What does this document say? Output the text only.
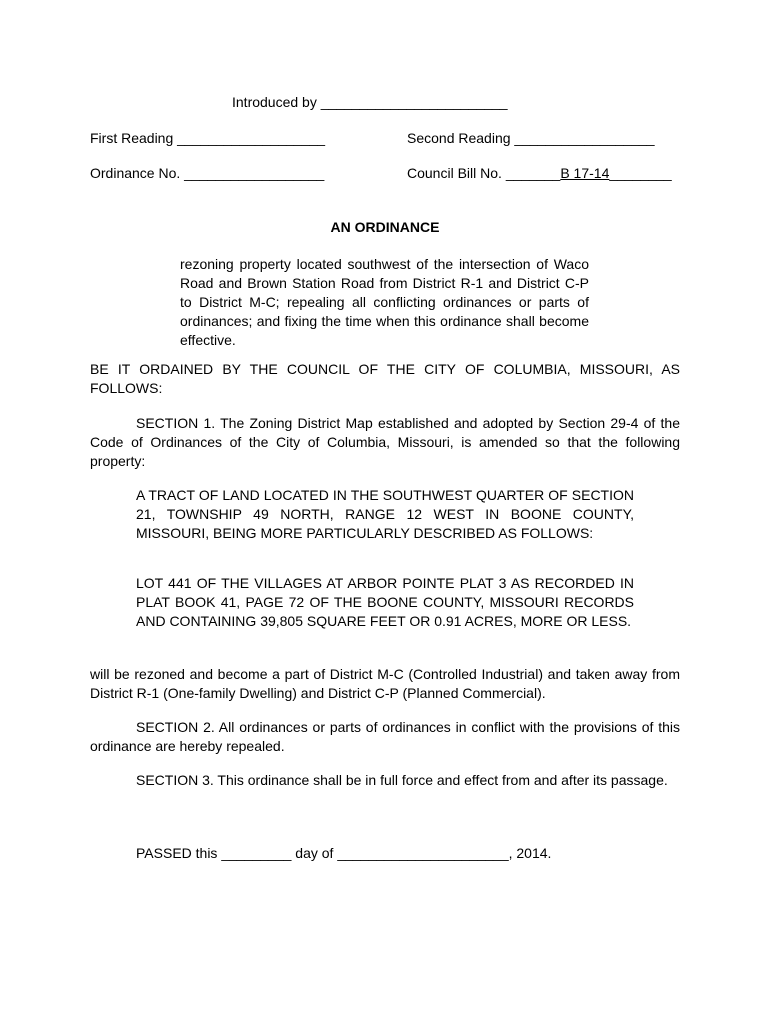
Introduced by ________________________
First Reading ___________________	Second Reading __________________
Ordinance No. __________________	Council Bill No. _______B 17-14________
AN ORDINANCE
rezoning property located southwest of the intersection of Waco Road and Brown Station Road from District R-1 and District C-P to District M-C; repealing all conflicting ordinances or parts of ordinances; and fixing the time when this ordinance shall become effective.
BE IT ORDAINED BY THE COUNCIL OF THE CITY OF COLUMBIA, MISSOURI, AS FOLLOWS:
SECTION 1. The Zoning District Map established and adopted by Section 29-4 of the Code of Ordinances of the City of Columbia, Missouri, is amended so that the following property:
A TRACT OF LAND LOCATED IN THE SOUTHWEST QUARTER OF SECTION 21, TOWNSHIP 49 NORTH, RANGE 12 WEST IN BOONE COUNTY, MISSOURI, BEING MORE PARTICULARLY DESCRIBED AS FOLLOWS:
LOT 441 OF THE VILLAGES AT ARBOR POINTE PLAT 3 AS RECORDED IN PLAT BOOK 41, PAGE 72 OF THE BOONE COUNTY, MISSOURI RECORDS AND CONTAINING 39,805 SQUARE FEET OR 0.91 ACRES, MORE OR LESS.
will be rezoned and become a part of District M-C (Controlled Industrial) and taken away from District R-1 (One-family Dwelling) and District C-P (Planned Commercial).
SECTION 2. All ordinances or parts of ordinances in conflict with the provisions of this ordinance are hereby repealed.
SECTION 3. This ordinance shall be in full force and effect from and after its passage.
PASSED this _________ day of ______________________, 2014.
